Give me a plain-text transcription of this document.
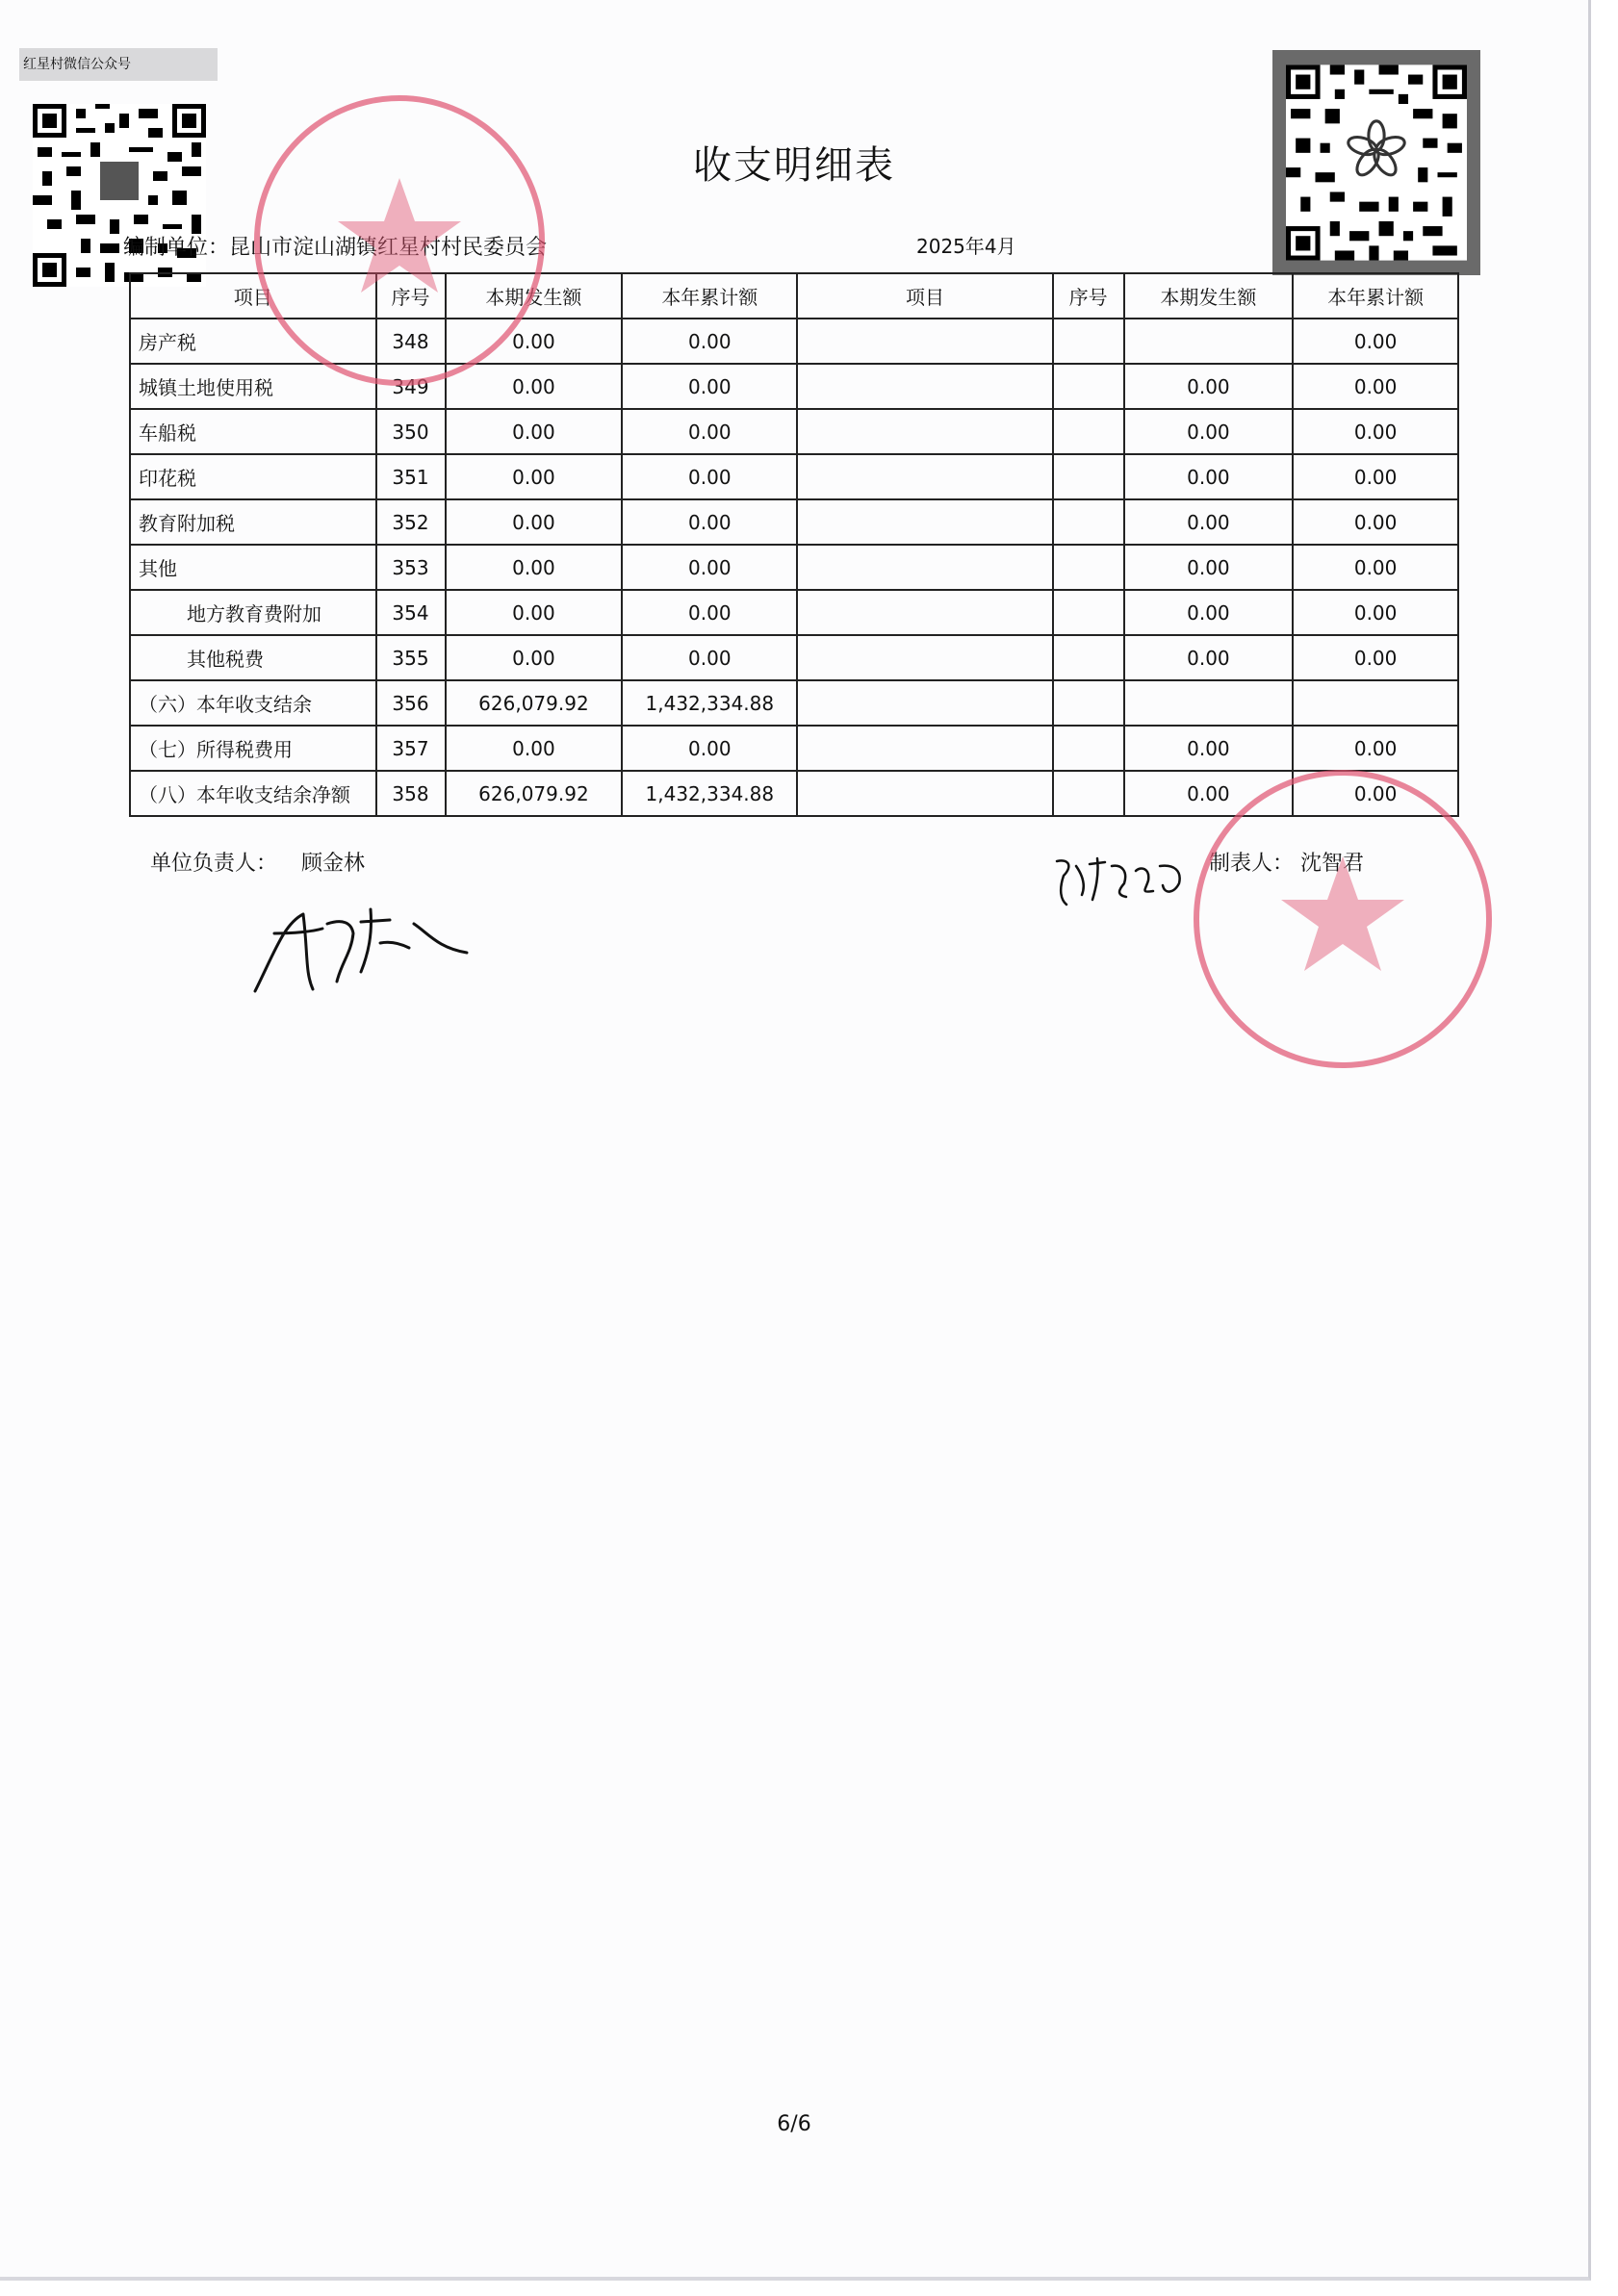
红星村微信公众号
收支明细表
编制单位：昆山市淀山湖镇红星村村民委员会	2025年4月
项目	序号	本期发生额	本年累计额	项目	序号	本期发生额	本年累计额
房产税	348	0.00	0.00				0.00
城镇土地使用税	349	0.00	0.00			0.00	0.00
车船税	350	0.00	0.00			0.00	0.00
印花税	351	0.00	0.00			0.00	0.00
教育附加税	352	0.00	0.00			0.00	0.00
其他	353	0.00	0.00			0.00	0.00
地方教育费附加	354	0.00	0.00			0.00	0.00
其他税费	355	0.00	0.00			0.00	0.00
（六）本年收支结余	356	626,079.92	1,432,334.88				
（七）所得税费用	357	0.00	0.00			0.00	0.00
（八）本年收支结余净额	358	626,079.92	1,432,334.88			0.00	0.00
单位负责人： 顾金林	制表人： 沈智君
6/6
